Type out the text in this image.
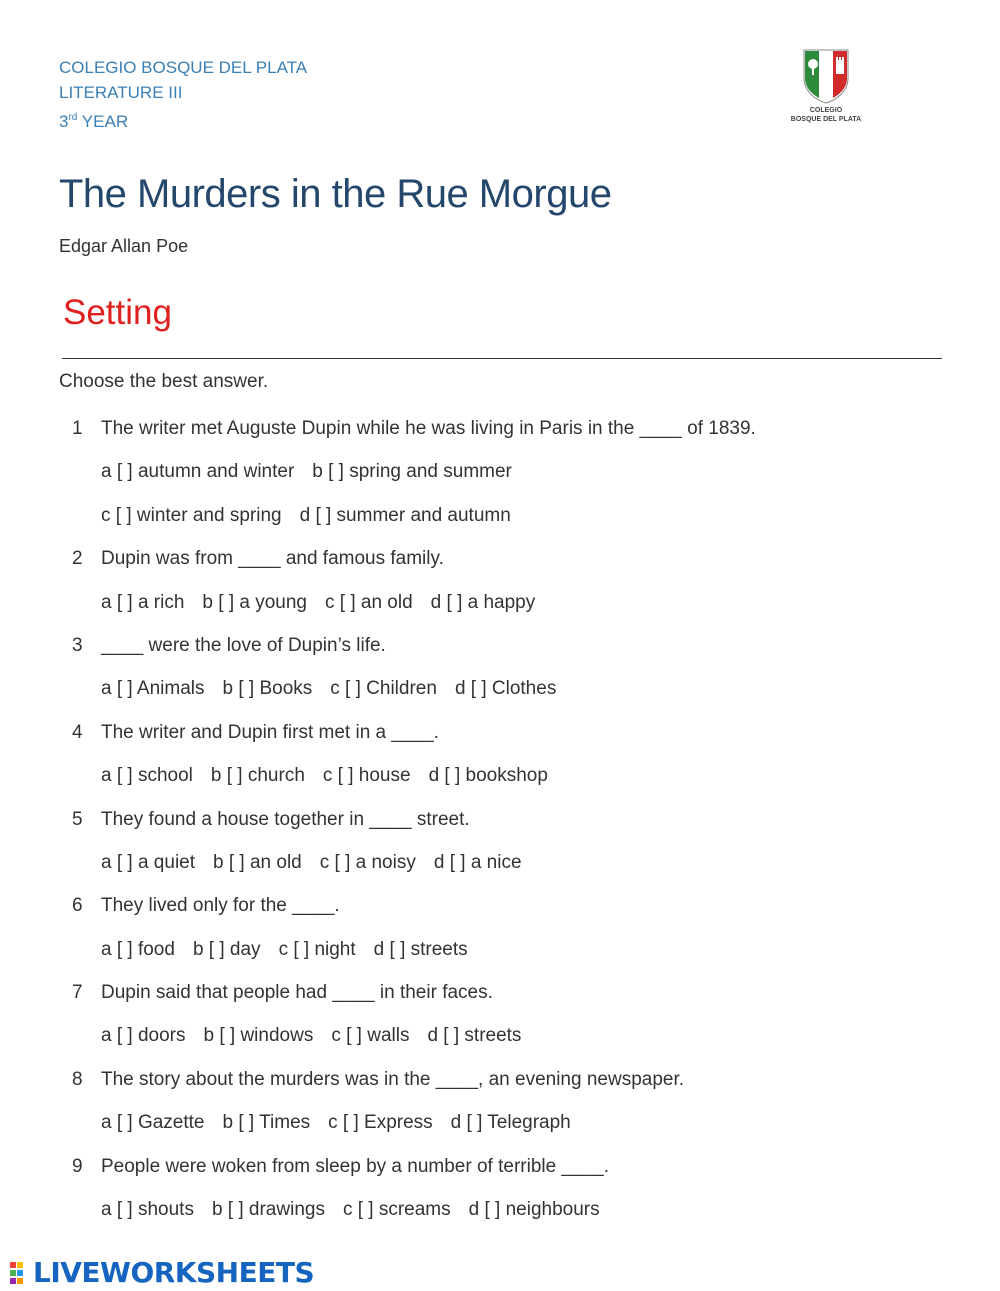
COLEGIO BOSQUE DEL PLATA
LITERATURE III
3rd YEAR
COLEGIO
BOSQUE DEL PLATA
The Murders in the Rue Morgue
Edgar Allan Poe
Setting
Choose the best answer.
1 The writer met Auguste Dupin while he was living in Paris in the ____ of 1839.
a [ ] autumn and winter b [ ] spring and summer
c [ ] winter and spring d [ ] summer and autumn
2 Dupin was from ____ and famous family.
a [ ] a rich b [ ] a young c [ ] an old d [ ] a happy
3 ____ were the love of Dupin’s life.
a [ ] Animals b [ ] Books c [ ] Children d [ ] Clothes
4 The writer and Dupin first met in a ____.
a [ ] school b [ ] church c [ ] house d [ ] bookshop
5 They found a house together in ____ street.
a [ ] a quiet b [ ] an old c [ ] a noisy d [ ] a nice
6 They lived only for the ____.
a [ ] food b [ ] day c [ ] night d [ ] streets
7 Dupin said that people had ____ in their faces.
a [ ] doors b [ ] windows c [ ] walls d [ ] streets
8 The story about the murders was in the ____, an evening newspaper.
a [ ] Gazette b [ ] Times c [ ] Express d [ ] Telegraph
9 People were woken from sleep by a number of terrible ____.
a [ ] shouts b [ ] drawings c [ ] screams d [ ] neighbours
LIVEWORKSHEETS
